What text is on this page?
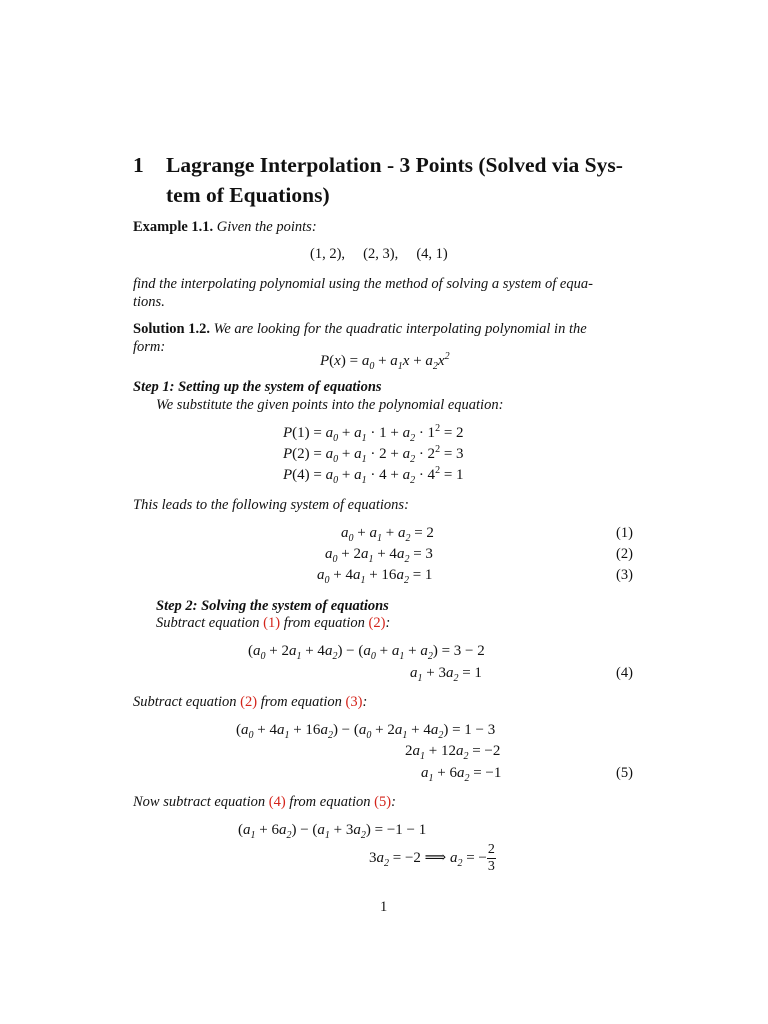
1 Lagrange Interpolation - 3 Points (Solved via Sys-
tem of Equations)
Example 1.1. Given the points:
(1, 2), (2, 3), (4, 1)
find the interpolating polynomial using the method of solving a system of equa-
tions.
Solution 1.2. We are looking for the quadratic interpolating polynomial in the
form:
$P(x) = a_0 + a_1x + a_2x^2$
Step 1: Setting up the system of equations
We substitute the given points into the polynomial equation:
$P(1) = a_0 + a_1 \cdot 1 + a_2 \cdot 1^2 = 2$
$P(2) = a_0 + a_1 \cdot 2 + a_2 \cdot 2^2 = 3$
$P(4) = a_0 + a_1 \cdot 4 + a_2 \cdot 4^2 = 1$
This leads to the following system of equations:
$a_0 + a_1 + a_2 = 2$	(1)
$a_0 + 2a_1 + 4a_2 = 3$	(2)
$a_0 + 4a_1 + 16a_2 = 1$	(3)
Step 2: Solving the system of equations
Subtract equation (1) from equation (2):
$(a_0 + 2a_1 + 4a_2) - (a_0 + a_1 + a_2) = 3 - 2$
$a_1 + 3a_2 = 1$	(4)
Subtract equation (2) from equation (3):
$(a_0 + 4a_1 + 16a_2) - (a_0 + 2a_1 + 4a_2) = 1 - 3$
$2a_1 + 12a_2 = -2$
$a_1 + 6a_2 = -1$	(5)
Now subtract equation (4) from equation (5):
$(a_1 + 6a_2) - (a_1 + 3a_2) = -1 - 1$
$3a_2 = -2$ ⟹ $a_2$ = − $\frac{2}{3}$
1
